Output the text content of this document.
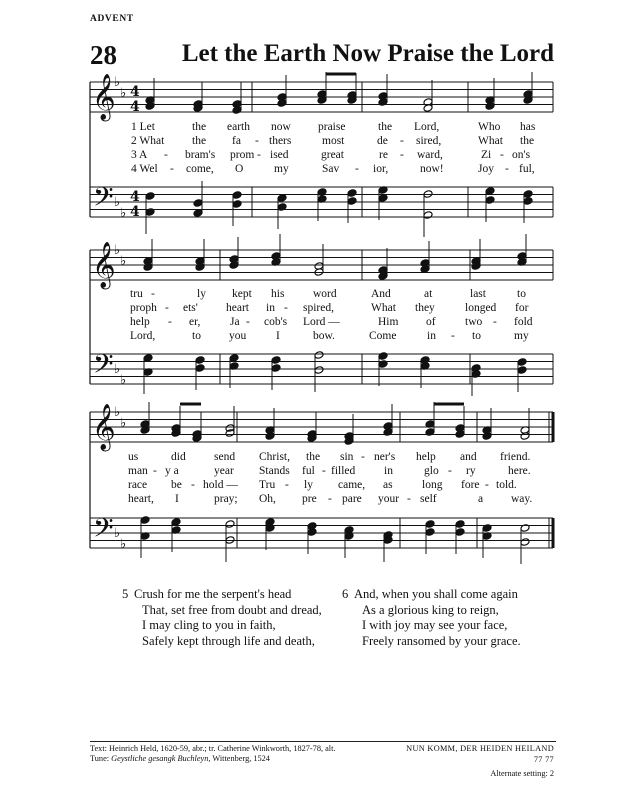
ADVENT
28	Let the Earth Now Praise the Lord
𝄞
𝄢
♭
♭
♭
♭
4
4
4
4
𝄞
𝄢
♭
♭
♭
♭
𝄞
𝄢
♭
♭
♭
♭
1 Let	the earth now praise	the Lord,	Who has
2 What the fa - thers	most	de - sired,	What the
3 A - bram's prom - ised	great	re - ward,	Zi - on's
4 Wel - come, O	my	Sav - ior,	now!	Joy - ful,
tru -	ly kept his word	And	at	last	to
proph - ets' heart in - spired,	What they	longed for
help - er,	Ja - cob's Lord —	Him of	two - fold
Lord,	to you	I	bow.	Come	in - to	my
us	did send Christ, the sin - ner's help and friend.
man - y a	year Stands ful - filled in	glo - ry	here.
race be - hold — Tru - ly came, as	long fore - told.
heart, I	pray; Oh, pre - pare your - self	a way.
5 Crush for me the serpent's head
That, set free from doubt and dread,
I may cling to you in faith,
Safely kept through life and death,
6 And, when you shall come again
As a glorious king to reign,
I with joy may see your face,
Freely ransomed by your grace.
Text: Heinrich Held, 1620-59, abr.; tr. Catherine Winkworth, 1827-78, alt.
Tune: Geystliche gesangk Buchleyn, Wittenberg, 1524
NUN KOMM, DER HEIDEN HEILAND
77 77
Alternate setting: 2
